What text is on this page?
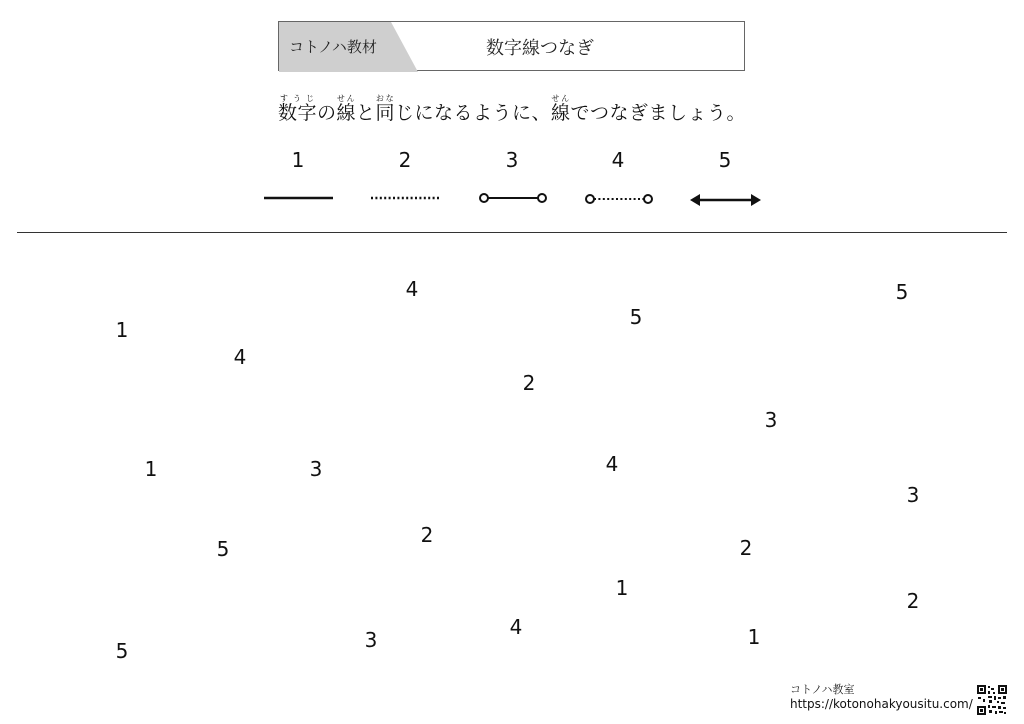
コトノハ教材	数字線つなぎ
数字すうじの線せんと同おなじになるように、線せんでつなぎましょう。
1	2	3	4	5
4	5
1
5
4
2
3
1	3	4
3
5
2
2
1
2
5	3
4	1
コトノハ教室
https://kotonohakyousitu.com/
